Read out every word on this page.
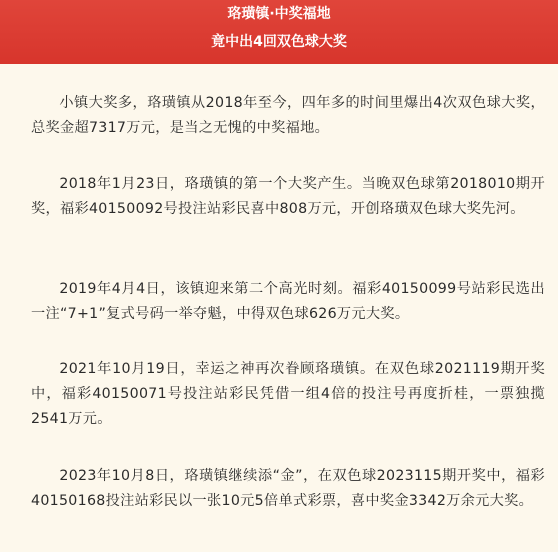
珞璜镇·中奖福地
竟中出4回双色球大奖

小镇大奖多，珞璜镇从2018年至今，四年多的时间里爆出4次双色球大奖，总奖金超7317万元，是当之无愧的中奖福地。

2018年1月23日，珞璜镇的第一个大奖产生。当晚双色球第2018010期开奖，福彩40150092号投注站彩民喜中808万元，开创珞璜双色球大奖先河。

2019年4月4日，该镇迎来第二个高光时刻。福彩40150099号站彩民选出一注“7+1”复式号码一举夺魁，中得双色球626万元大奖。

2021年10月19日，幸运之神再次眷顾珞璜镇。在双色球2021119期开奖中，福彩40150071号投注站彩民凭借一组4倍的投注号再度折桂，一票独揽2541万元。

2023年10月8日，珞璜镇继续添“金”，在双色球2023115期开奖中，福彩40150168投注站彩民以一张10元5倍单式彩票，喜中奖金3342万余元大奖。
